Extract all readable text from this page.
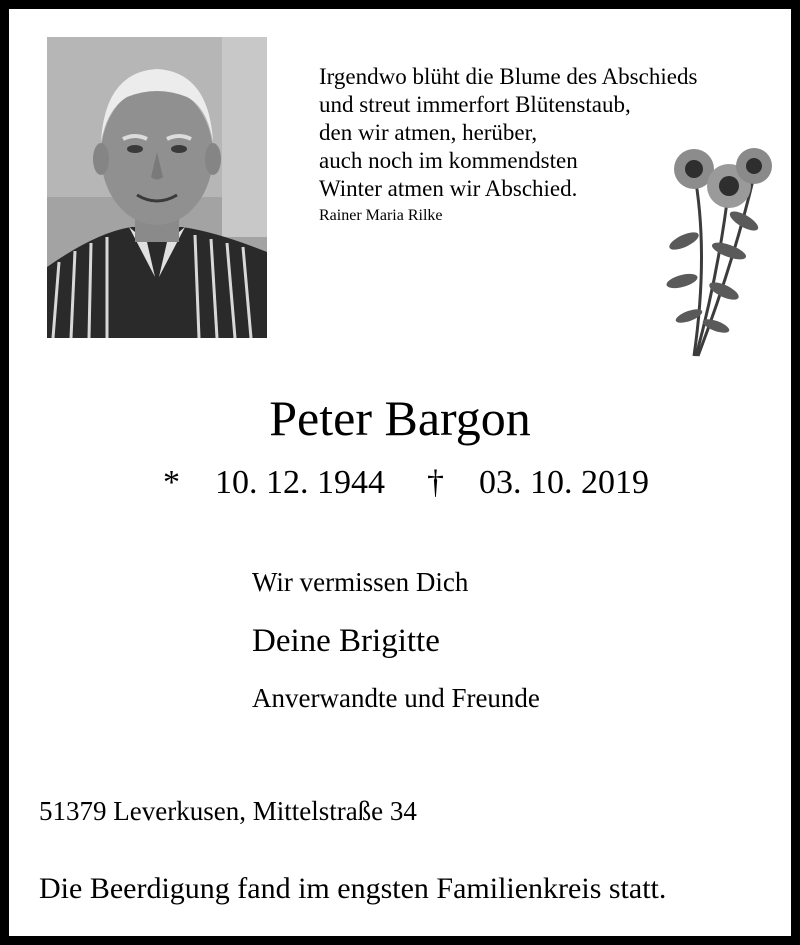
Irgendwo blüht die Blume des Abschieds
und streut immerfort Blütenstaub,
den wir atmen, herüber,
auch noch im kommendsten
Winter atmen wir Abschied.
Rainer Maria Rilke
Peter Bargon
* 10. 12. 1944 † 03. 10. 2019
Wir vermissen Dich
Deine Brigitte
Anverwandte und Freunde
51379 Leverkusen, Mittelstraße 34
Die Beerdigung fand im engsten Familienkreis statt.
